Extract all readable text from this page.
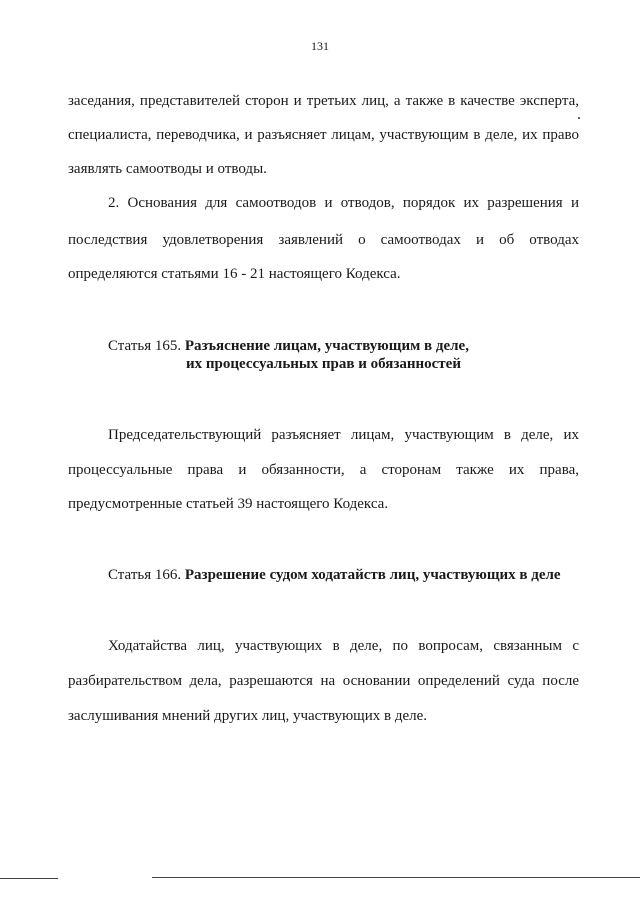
131
заседания, представителей сторон и третьих лиц, а также в качестве эксперта,
специалиста, переводчика, и разъясняет лицам, участвующим в деле, их право
заявлять самоотводы и отводы.
2. Основания для самоотводов и отводов, порядок их разрешения и
последствия удовлетворения заявлений о самоотводах и об отводах
определяются статьями 16 - 21 настоящего Кодекса.
Статья 165. Разъяснение лицам, участвующим в деле,
их процессуальных прав и обязанностей
Председательствующий разъясняет лицам, участвующим в деле, их
процессуальные права и обязанности, а сторонам также их права,
предусмотренные статьей 39 настоящего Кодекса.
Статья 166. Разрешение судом ходатайств лиц, участвующих в деле
Ходатайства лиц, участвующих в деле, по вопросам, связанным с
разбирательством дела, разрешаются на основании определений суда после
заслушивания мнений других лиц, участвующих в деле.
